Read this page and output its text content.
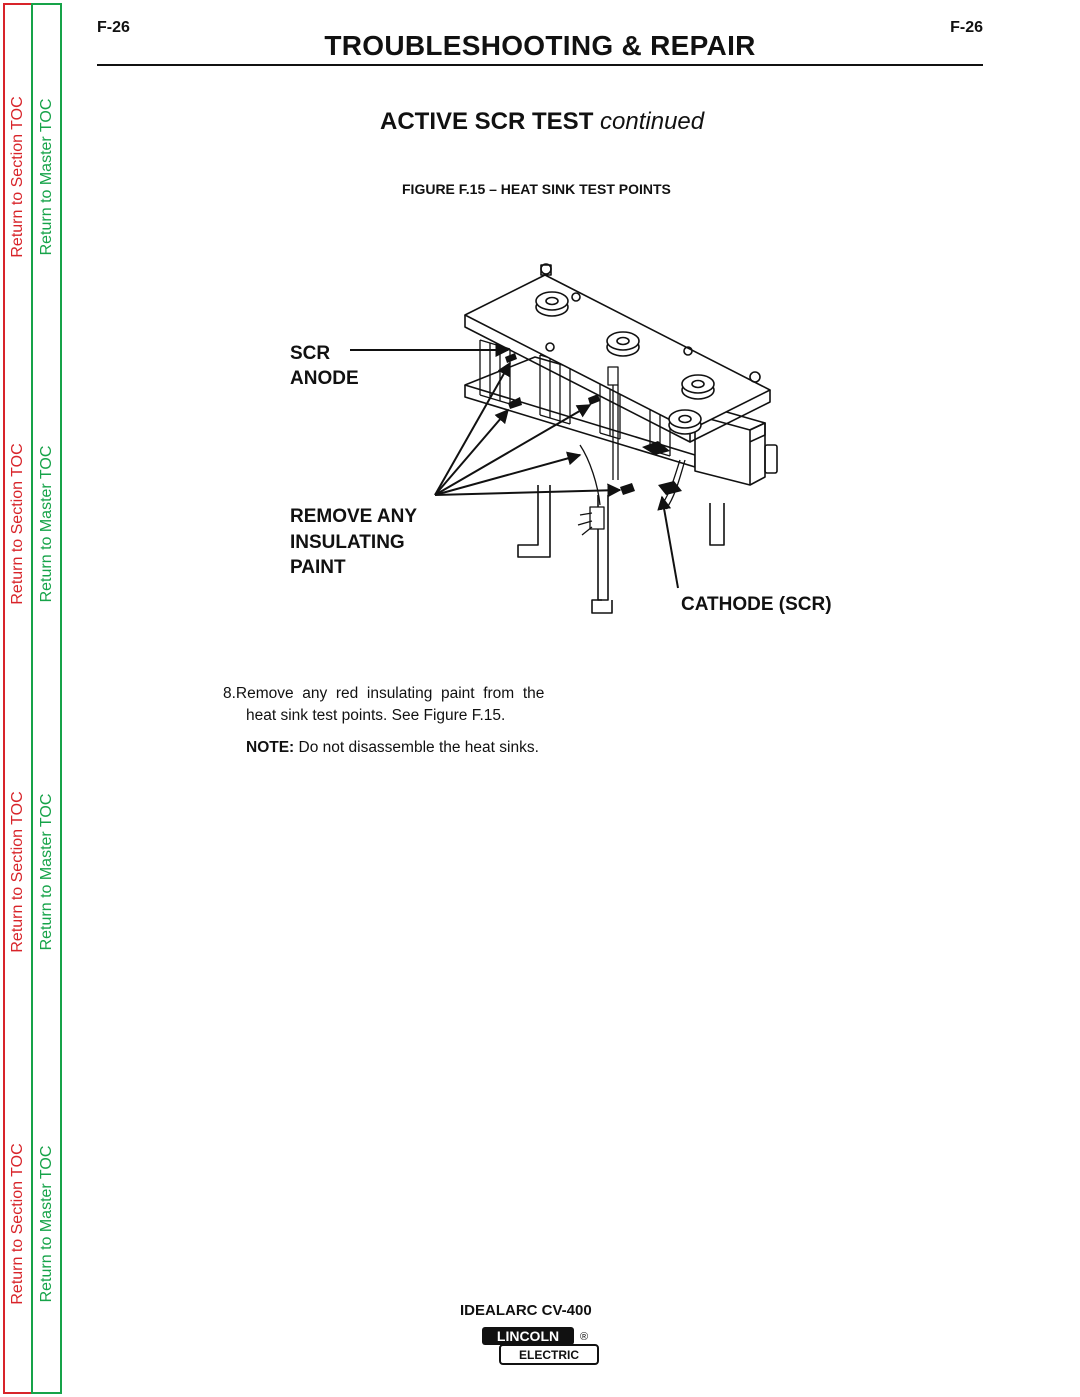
Return to Section TOC
Return to Section TOC
Return to Section TOC
Return to Section TOC
Return to Master TOC
Return to Master TOC
Return to Master TOC
Return to Master TOC
F-26	F-26
TROUBLESHOOTING & REPAIR
ACTIVE SCR TEST continued
FIGURE F.15 – HEAT SINK TEST POINTS
SCR
ANODE
REMOVE ANY
INSULATING
PAINT
CATHODE (SCR)
8.Remove  any  red  insulating  paint  from  the
heat sink test points. See Figure F.15.
NOTE: Do not disassemble the heat sinks.
IDEALARC CV-400
LINCOLN ®
ELECTRIC
